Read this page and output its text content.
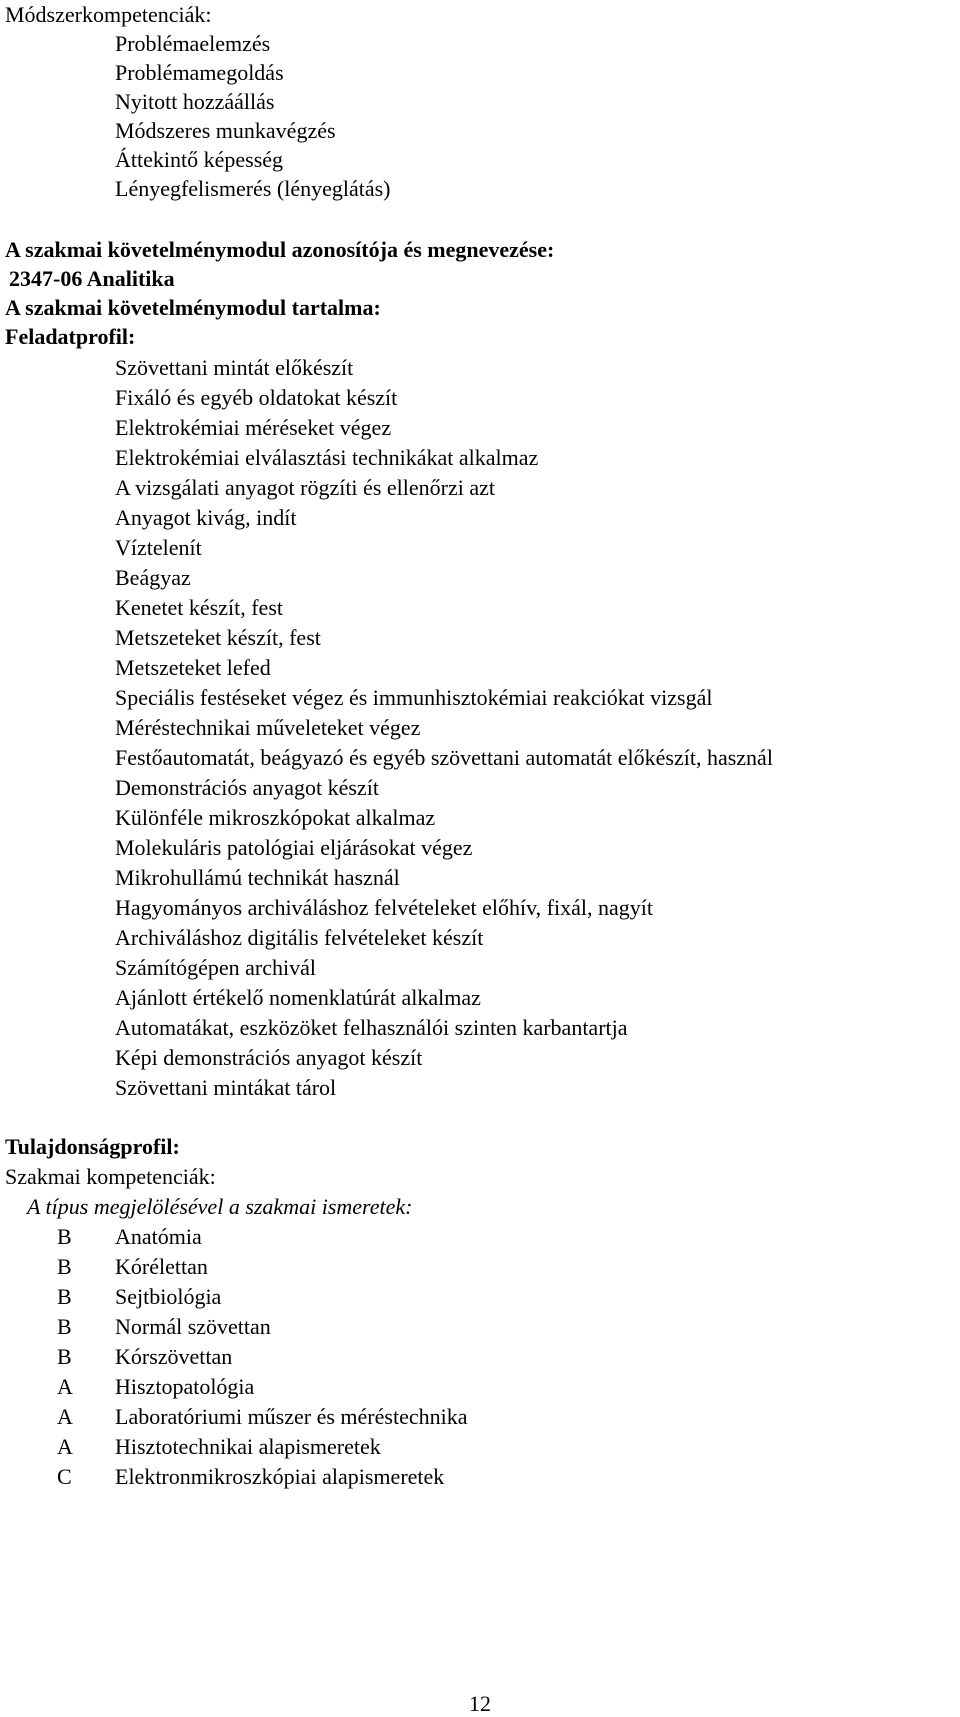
Módszerkompetenciák:
Problémaelemzés
Problémamegoldás
Nyitott hozzáállás
Módszeres munkavégzés
Áttekintő képesség
Lényegfelismerés (lényeglátás)
A szakmai követelménymodul azonosítója és megnevezése:
2347-06 Analitika
A szakmai követelménymodul tartalma:
Feladatprofil:
Szövettani mintát előkészít
Fixáló és egyéb oldatokat készít
Elektrokémiai méréseket végez
Elektrokémiai elválasztási technikákat alkalmaz
A vizsgálati anyagot rögzíti és ellenőrzi azt
Anyagot kivág, indít
Víztelenít
Beágyaz
Kenetet készít, fest
Metszeteket készít, fest
Metszeteket lefed
Speciális festéseket végez és immunhisztokémiai reakciókat vizsgál
Méréstechnikai műveleteket végez
Festőautomatát, beágyazó és egyéb szövettani automatát előkészít, használ
Demonstrációs anyagot készít
Különféle mikroszkópokat alkalmaz
Molekuláris patológiai eljárásokat végez
Mikrohullámú technikát használ
Hagyományos archiváláshoz felvételeket előhív, fixál, nagyít
Archiváláshoz digitális felvételeket készít
Számítógépen archivál
Ajánlott értékelő nomenklatúrát alkalmaz
Automatákat, eszközöket felhasználói szinten karbantartja
Képi demonstrációs anyagot készít
Szövettani mintákat tárol
Tulajdonságprofil:
Szakmai kompetenciák:
A típus megjelölésével a szakmai ismeretek:
B Anatómia
B Kórélettan
B Sejtbiológia
B Normál szövettan
B Kórszövettan
A Hisztopatológia
A Laboratóriumi műszer és méréstechnika
A Hisztotechnikai alapismeretek
C Elektronmikroszkópiai alapismeretek
12
